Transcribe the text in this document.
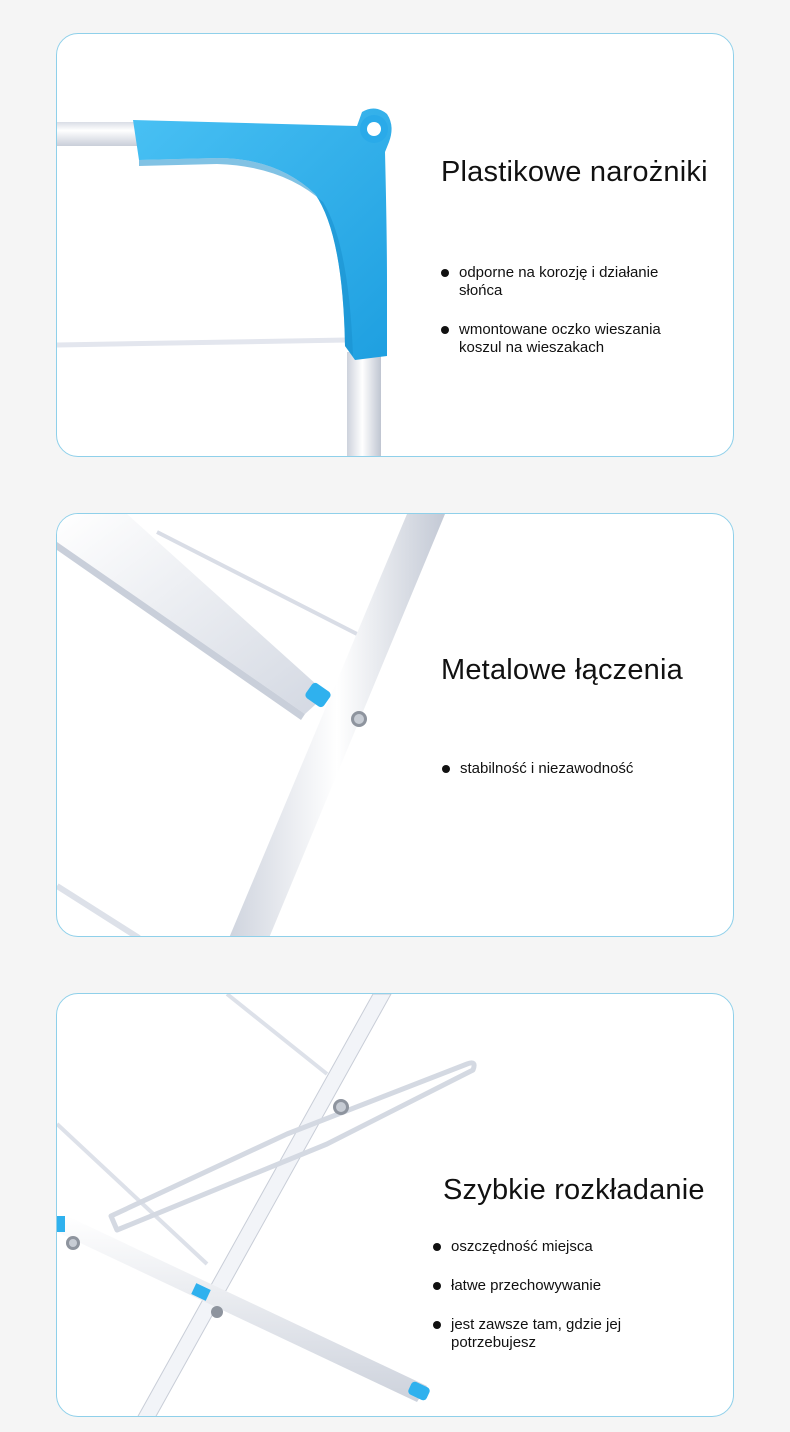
Plastikowe narożniki
odporne na korozję i działanie słońca
wmontowane oczko wieszania koszul na wieszakach
Metalowe łączenia
stabilność i niezawodność
Szybkie rozkładanie
oszczędność miejsca
łatwe przechowywanie
jest zawsze tam, gdzie jej potrzebujesz
